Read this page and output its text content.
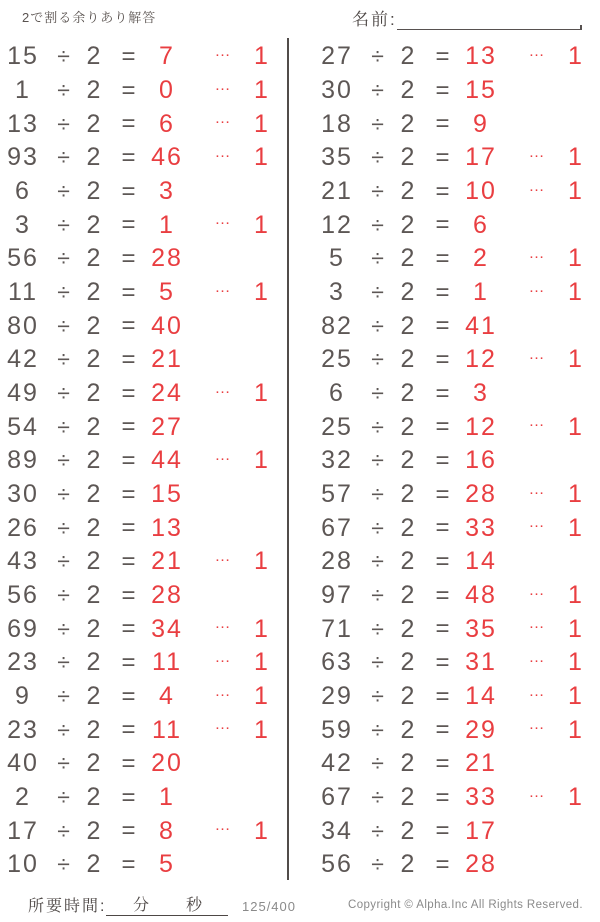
2で割る余りあり解答	名前:
15 ÷ 2 = 7	… 1
1	÷ 2 = 0	… 1
13 ÷ 2 = 6	… 1
93 ÷ 2 = 46	… 1
6	÷ 2 = 3
3	÷ 2 = 1	… 1
56 ÷ 2 = 28
11 ÷ 2 = 5	… 1
80 ÷ 2 = 40
42 ÷ 2 = 21
49 ÷ 2 = 24	… 1
54 ÷ 2 = 27
89 ÷ 2 = 44	… 1
30 ÷ 2 = 15
26 ÷ 2 = 13
43 ÷ 2 = 21	… 1
56 ÷ 2 = 28
69 ÷ 2 = 34	… 1
23 ÷ 2 = 11	… 1
9	÷ 2 = 4	… 1
23 ÷ 2 = 11	… 1
40 ÷ 2 = 20
2	÷ 2 = 1
17 ÷ 2 = 8	… 1
10 ÷ 2 = 5
27 ÷ 2 = 13	… 1
30 ÷ 2 = 15
18 ÷ 2 = 9
35 ÷ 2 = 17	… 1
21 ÷ 2 = 10	… 1
12 ÷ 2 = 6
5	÷ 2 = 2	… 1
3	÷ 2 = 1	… 1
82 ÷ 2 = 41
25 ÷ 2 = 12	… 1
6	÷ 2 = 3
25 ÷ 2 = 12	… 1
32 ÷ 2 = 16
57 ÷ 2 = 28	… 1
67 ÷ 2 = 33	… 1
28 ÷ 2 = 14
97 ÷ 2 = 48	… 1
71 ÷ 2 = 35	… 1
63 ÷ 2 = 31	… 1
29 ÷ 2 = 14	… 1
59 ÷ 2 = 29	… 1
42 ÷ 2 = 21
67 ÷ 2 = 33	… 1
34 ÷ 2 = 17
56 ÷ 2 = 28
所要時間: 分 秒	125/400	Copyright © Alpha.Inc All Rights Reserved.
